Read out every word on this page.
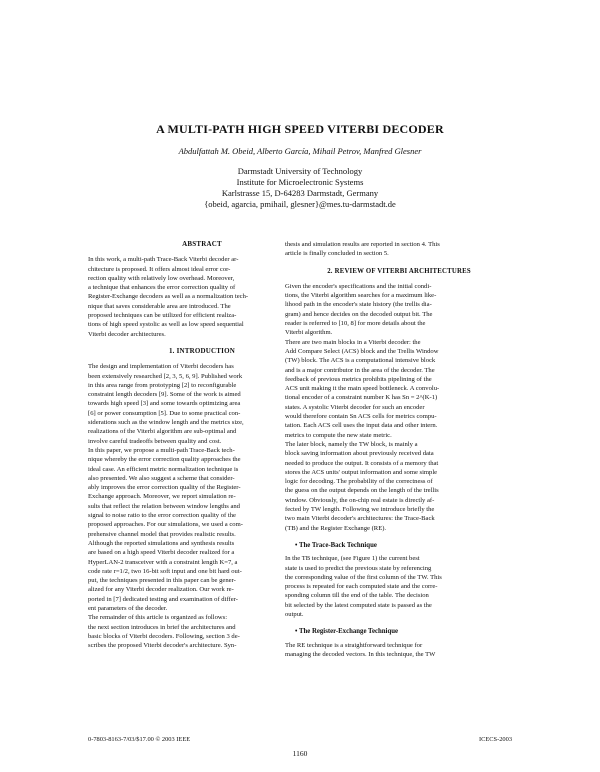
A MULTI-PATH HIGH SPEED VITERBI DECODER
Abdulfattah M. Obeid, Alberto García, Mihail Petrov, Manfred Glesner
Darmstadt University of Technology
Institute for Microelectronic Systems
Karlstrasse 15, D-64283 Darmstadt, Germany
{obeid, agarcia, pmihail, glesner}@mes.tu-darmstadt.de
ABSTRACT
In this work, a multi-path Trace-Back Viterbi decoder ar-
chitecture is proposed. It offers almost ideal error cor-
rection quality with relatively low overhead. Moreover,
a technique that enhances the error correction quality of
Register-Exchange decoders as well as a normalization tech-
nique that saves considerable area are introduced. The
proposed techniques can be utilized for efficient realiza-
tions of high speed systolic as well as low speed sequential
Viterbi decoder architectures.
1. INTRODUCTION
The design and implementation of Viterbi decoders has
been extensively researched [2, 3, 5, 6, 9]. Published work
in this area range from prototyping [2] to reconfigurable
constraint length decoders [9]. Some of the work is aimed
towards high speed [3] and some towards optimizing area
[6] or power consumption [5]. Due to some practical con-
siderations such as the window length and the metrics size,
realizations of the Viterbi algorithm are sub-optimal and
involve careful tradeoffs between quality and cost.
In this paper, we propose a multi-path Trace-Back tech-
nique whereby the error correction quality approaches the
ideal case. An efficient metric normalization technique is
also presented. We also suggest a scheme that consider-
ably improves the error correction quality of the Register-
Exchange approach. Moreover, we report simulation re-
sults that reflect the relation between window lengths and
signal to noise ratio to the error correction quality of the
proposed approaches. For our simulations, we used a com-
prehensive channel model that provides realistic results.
Although the reported simulations and synthesis results
are based on a high speed Viterbi decoder realized for a
HyperLAN-2 transceiver with a constraint length K=7, a
code rate r=1/2, two 16-bit soft input and one bit hard out-
put, the techniques presented in this paper can be gener-
alized for any Viterbi decoder realization. Our work re-
ported in [7] dedicated testing and examination of differ-
ent parameters of the decoder.
The remainder of this article is organized as follows:
the next section introduces in brief the architectures and
basic blocks of Viterbi decoders. Following, section 3 de-
scribes the proposed Viterbi decoder's architecture. Syn-
thesis and simulation results are reported in section 4. This
article is finally concluded in section 5.
2. REVIEW OF VITERBI ARCHITECTURES
Given the encoder's specifications and the initial condi-
tions, the Viterbi algorithm searches for a maximum like-
lihood path in the encoder's state history (the trellis dia-
gram) and hence decides on the decoded output bit. The
reader is referred to [10, 8] for more details about the
Viterbi algorithm.
There are two main blocks in a Viterbi decoder: the
Add Compare Select (ACS) block and the Trellis Window
(TW) block. The ACS is a computational intensive block
and is a major contributor in the area of the decoder. The
feedback of previous metrics prohibits pipelining of the
ACS unit making it the main speed bottleneck. A convolu-
tional encoder of a constraint number K has Sn = 2^(K-1)
states. A systolic Viterbi decoder for such an encoder
would therefore contain Sn ACS cells for metrics compu-
tation. Each ACS cell uses the input data and other intern.
metrics to compute the new state metric.
The later block, namely the TW block, is mainly a
block saving information about previously received data
needed to produce the output. It consists of a memory that
stores the ACS units' output information and some simple
logic for decoding. The probability of the correctness of
the guess on the output depends on the length of the trellis
window. Obviously, the on-chip real estate is directly af-
fected by TW length. Following we introduce briefly the
two main Viterbi decoder's architectures: the Trace-Back
(TB) and the Register Exchange (RE).
• The Trace-Back Technique
In the TB technique, (see Figure 1) the current best
state is used to predict the previous state by referencing
the corresponding value of the first column of the TW. This
process is repeated for each computed state and the corre-
sponding column till the end of the table. The decision
bit selected by the latest computed state is passed as the
output.
• The Register-Exchange Technique
The RE technique is a straightforward technique for
managing the decoded vectors. In this technique, the TW
0-7803-8163-7/03/$17.00 © 2003 IEEE
1160
ICECS-2003
